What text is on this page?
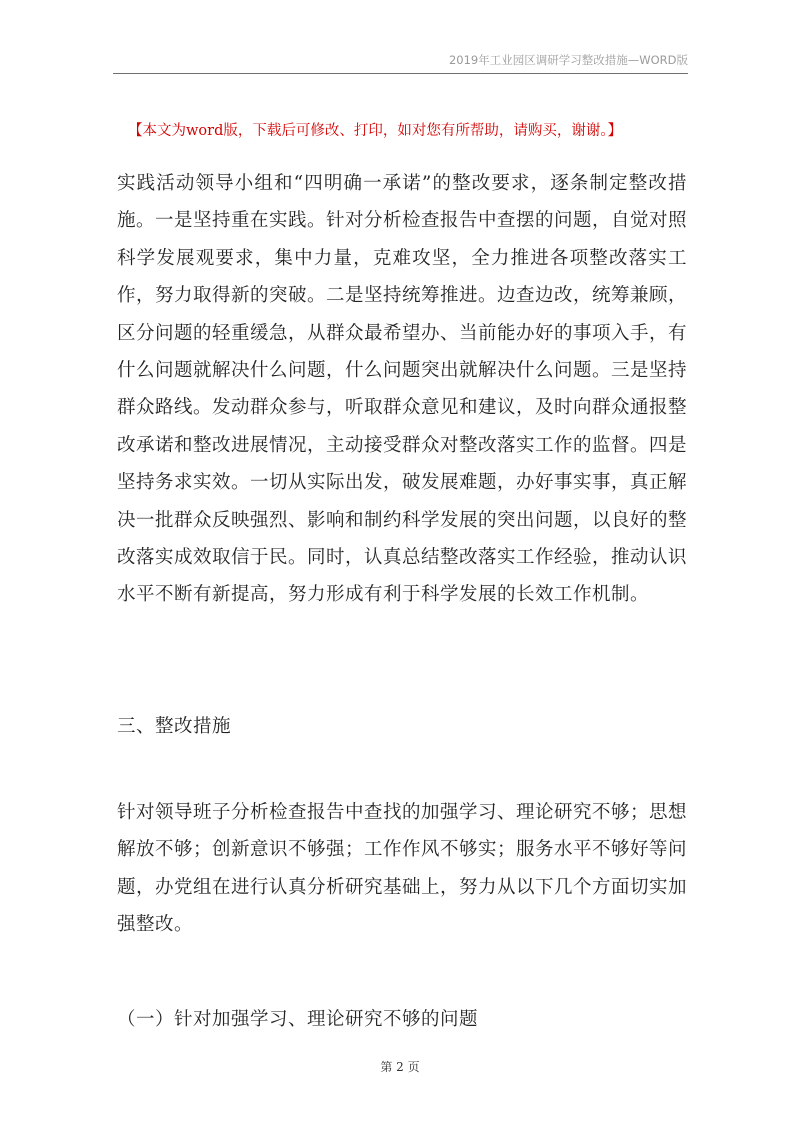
2019年工业园区调研学习整改措施—WORD版
【本文为word版，下载后可修改、打印，如对您有所帮助，请购买，谢谢。】
实践活动领导小组和“四明确一承诺”的整改要求，逐条制定整改措施。一是坚持重在实践。针对分析检查报告中查摆的问题，自觉对照科学发展观要求，集中力量，克难攻坚，全力推进各项整改落实工作，努力取得新的突破。二是坚持统筹推进。边查边改，统筹兼顾，区分问题的轻重缓急，从群众最希望办、当前能办好的事项入手，有什么问题就解决什么问题，什么问题突出就解决什么问题。三是坚持群众路线。发动群众参与，听取群众意见和建议，及时向群众通报整改承诺和整改进展情况，主动接受群众对整改落实工作的监督。四是坚持务求实效。一切从实际出发，破发展难题，办好事实事，真正解决一批群众反映强烈、影响和制约科学发展的突出问题，以良好的整改落实成效取信于民。同时，认真总结整改落实工作经验，推动认识水平不断有新提高，努力形成有利于科学发展的长效工作机制。
三、整改措施
针对领导班子分析检查报告中查找的加强学习、理论研究不够；思想解放不够；创新意识不够强；工作作风不够实；服务水平不够好等问题，办党组在进行认真分析研究基础上，努力从以下几个方面切实加强整改。
（一）针对加强学习、理论研究不够的问题
第 2 页
